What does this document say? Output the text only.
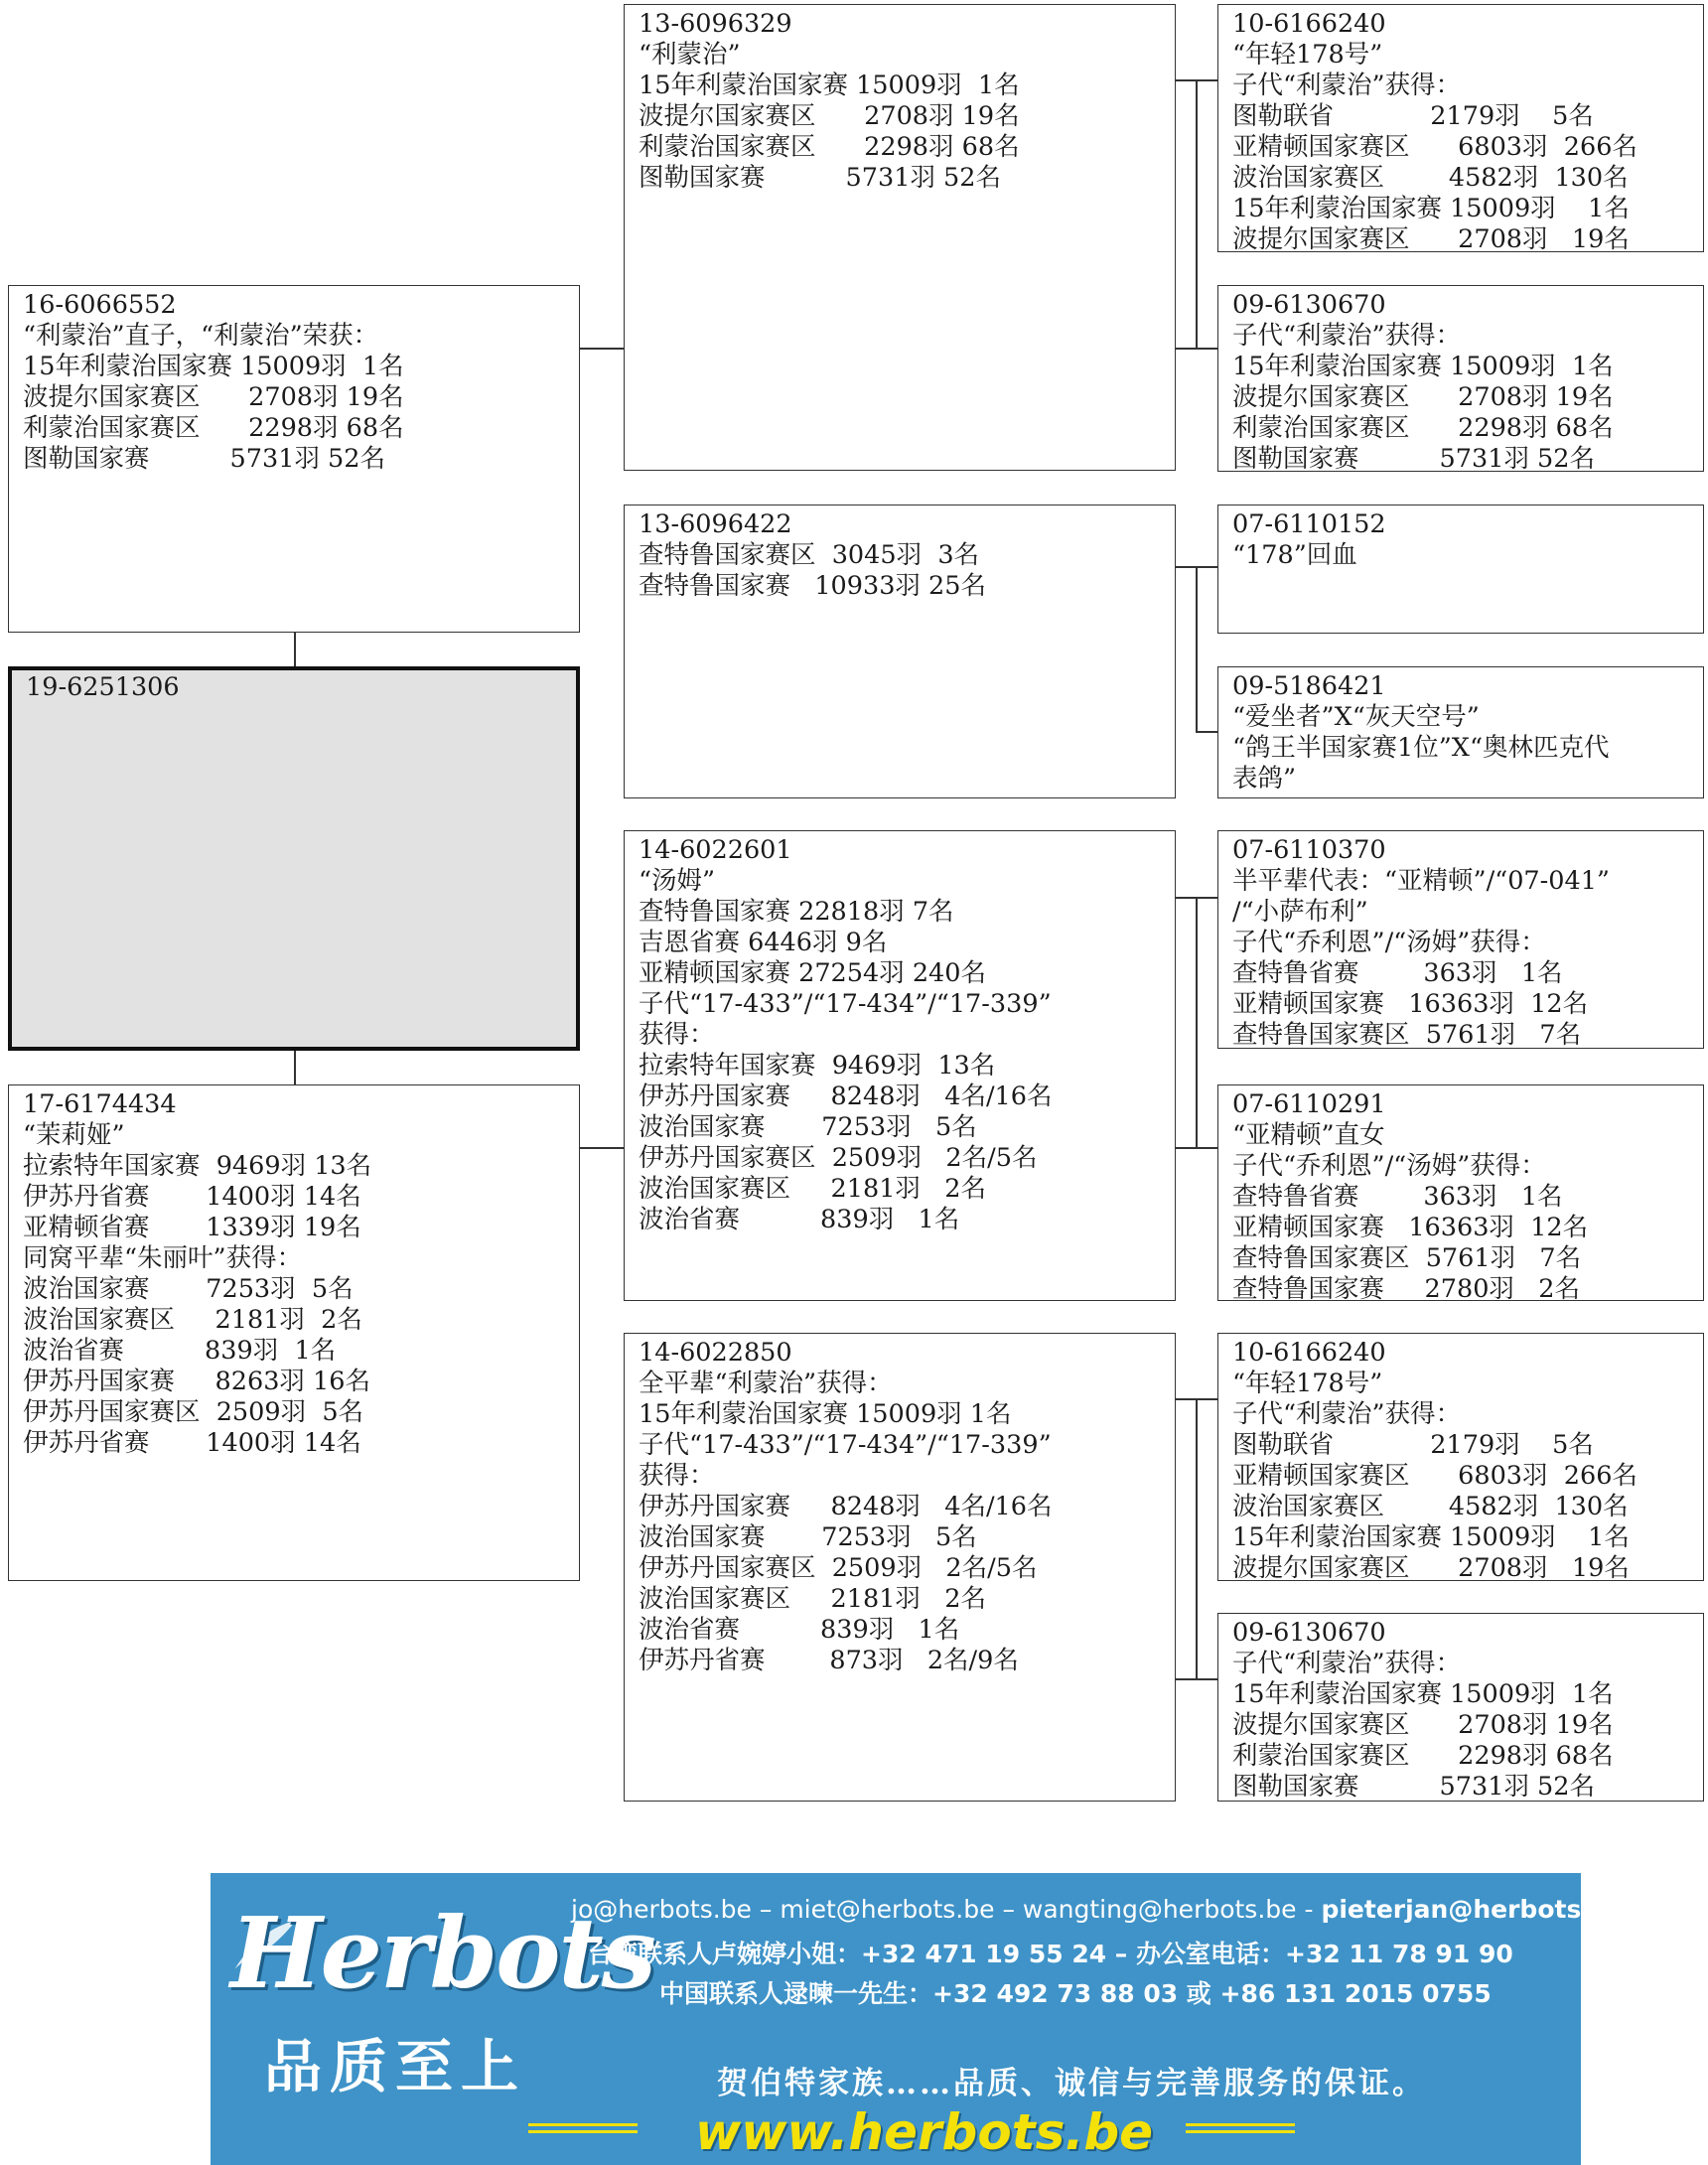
16-6066552
“利蒙治”直子，“利蒙治”荣获：
15年利蒙治国家赛 15009羽  1名
波提尔国家赛区      2708羽 19名
利蒙治国家赛区      2298羽 68名
图勒国家赛          5731羽 52名
19-6251306
17-6174434
“茉莉娅”
拉索特年国家赛  9469羽 13名
伊苏丹省赛       1400羽 14名
亚精顿省赛       1339羽 19名
同窝平辈“朱丽叶”获得：
波治国家赛       7253羽  5名
波治国家赛区     2181羽  2名
波治省赛          839羽  1名
伊苏丹国家赛     8263羽 16名
伊苏丹国家赛区  2509羽  5名
伊苏丹省赛       1400羽 14名
13-6096329
“利蒙治”
15年利蒙治国家赛 15009羽  1名
波提尔国家赛区      2708羽 19名
利蒙治国家赛区      2298羽 68名
图勒国家赛          5731羽 52名
13-6096422
查特鲁国家赛区  3045羽  3名
查特鲁国家赛   10933羽 25名
14-6022601
“汤姆”
查特鲁国家赛 22818羽 7名
吉恩省赛 6446羽 9名
亚精顿国家赛 27254羽 240名
子代“17-433”/“17-434”/“17-339”
获得：
拉索特年国家赛  9469羽  13名
伊苏丹国家赛     8248羽   4名/16名
波治国家赛       7253羽   5名
伊苏丹国家赛区  2509羽   2名/5名
波治国家赛区     2181羽   2名
波治省赛          839羽   1名
14-6022850
全平辈“利蒙治”获得：
15年利蒙治国家赛 15009羽 1名
子代“17-433”/“17-434”/“17-339”
获得：
伊苏丹国家赛     8248羽   4名/16名
波治国家赛       7253羽   5名
伊苏丹国家赛区  2509羽   2名/5名
波治国家赛区     2181羽   2名
波治省赛          839羽   1名
伊苏丹省赛        873羽   2名/9名
10-6166240
“年轻178号”
子代“利蒙治”获得：
图勒联省            2179羽    5名
亚精顿国家赛区      6803羽  266名
波治国家赛区        4582羽  130名
15年利蒙治国家赛 15009羽    1名
波提尔国家赛区      2708羽   19名
09-6130670
子代“利蒙治”获得：
15年利蒙治国家赛 15009羽  1名
波提尔国家赛区      2708羽 19名
利蒙治国家赛区      2298羽 68名
图勒国家赛          5731羽 52名
07-6110152
“178”回血
09-5186421
“爱坐者”X“灰天空号”
“鸽王半国家赛1位”X“奥林匹克代
表鸽”
07-6110370
半平辈代表：“亚精顿”/“07-041”
/“小萨布利”
子代“乔利恩”/“汤姆”获得：
查特鲁省赛        363羽   1名
亚精顿国家赛   16363羽  12名
查特鲁国家赛区  5761羽   7名
07-6110291
“亚精顿”直女
子代“乔利恩”/“汤姆”获得：
查特鲁省赛        363羽   1名
亚精顿国家赛   16363羽  12名
查特鲁国家赛区  5761羽   7名
查特鲁国家赛     2780羽   2名
10-6166240
“年轻178号”
子代“利蒙治”获得：
图勒联省            2179羽    5名
亚精顿国家赛区      6803羽  266名
波治国家赛区        4582羽  130名
15年利蒙治国家赛 15009羽    1名
波提尔国家赛区      2708羽   19名
09-6130670
子代“利蒙治”获得：
15年利蒙治国家赛 15009羽  1名
波提尔国家赛区      2708羽 19名
利蒙治国家赛区      2298羽 68名
图勒国家赛          5731羽 52名
Herbots
品质至上
jo@herbots.be – miet@herbots.be – wangting@herbots.be - pieterjan@herbots.be
台湾联系人卢婉婷小姐：+32 471 19 55 24 – 办公室电话：+32 11 78 91 90
中国联系人逯暕一先生：+32 492 73 88 03 或 +86 131 2015 0755
贺伯特家族……品质、诚信与完善服务的保证。
www.herbots.be
